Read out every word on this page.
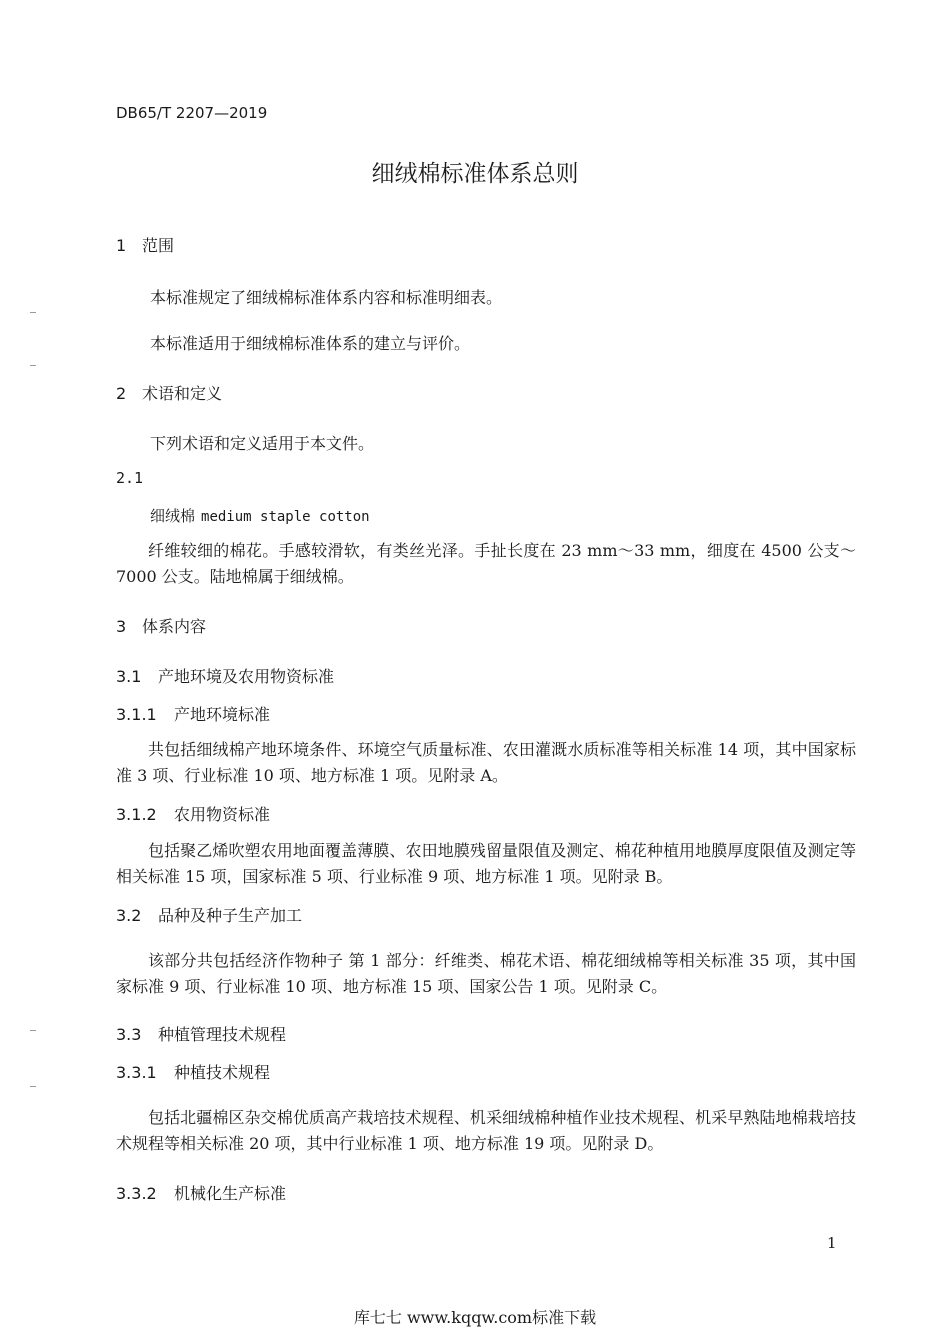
DB65/T 2207—2019
细绒棉标准体系总则
1 范围
本标准规定了细绒棉标准体系内容和标准明细表。
本标准适用于细绒棉标准体系的建立与评价。
2 术语和定义
下列术语和定义适用于本文件。
2.1
细绒棉 medium staple cotton
纤维较细的棉花。手感较滑软，有类丝光泽。手扯长度在 23 mm～33 mm，细度在 4500 公支～7000 公支。陆地棉属于细绒棉。
3 体系内容
3.1 产地环境及农用物资标准
3.1.1 产地环境标准
共包括细绒棉产地环境条件、环境空气质量标准、农田灌溉水质标准等相关标准 14 项，其中国家标准 3 项、行业标准 10 项、地方标准 1 项。见附录 A。
3.1.2 农用物资标准
包括聚乙烯吹塑农用地面覆盖薄膜、农田地膜残留量限值及测定、棉花种植用地膜厚度限值及测定等相关标准 15 项，国家标准 5 项、行业标准 9 项、地方标准 1 项。见附录 B。
3.2 品种及种子生产加工
该部分共包括经济作物种子 第 1 部分：纤维类、棉花术语、棉花细绒棉等相关标准 35 项，其中国家标准 9 项、行业标准 10 项、地方标准 15 项、国家公告 1 项。见附录 C。
3.3 种植管理技术规程
3.3.1 种植技术规程
包括北疆棉区杂交棉优质高产栽培技术规程、机采细绒棉种植作业技术规程、机采早熟陆地棉栽培技术规程等相关标准 20 项，其中行业标准 1 项、地方标准 19 项。见附录 D。
3.3.2 机械化生产标准
1
库七七 www.kqqw.com标准下载
